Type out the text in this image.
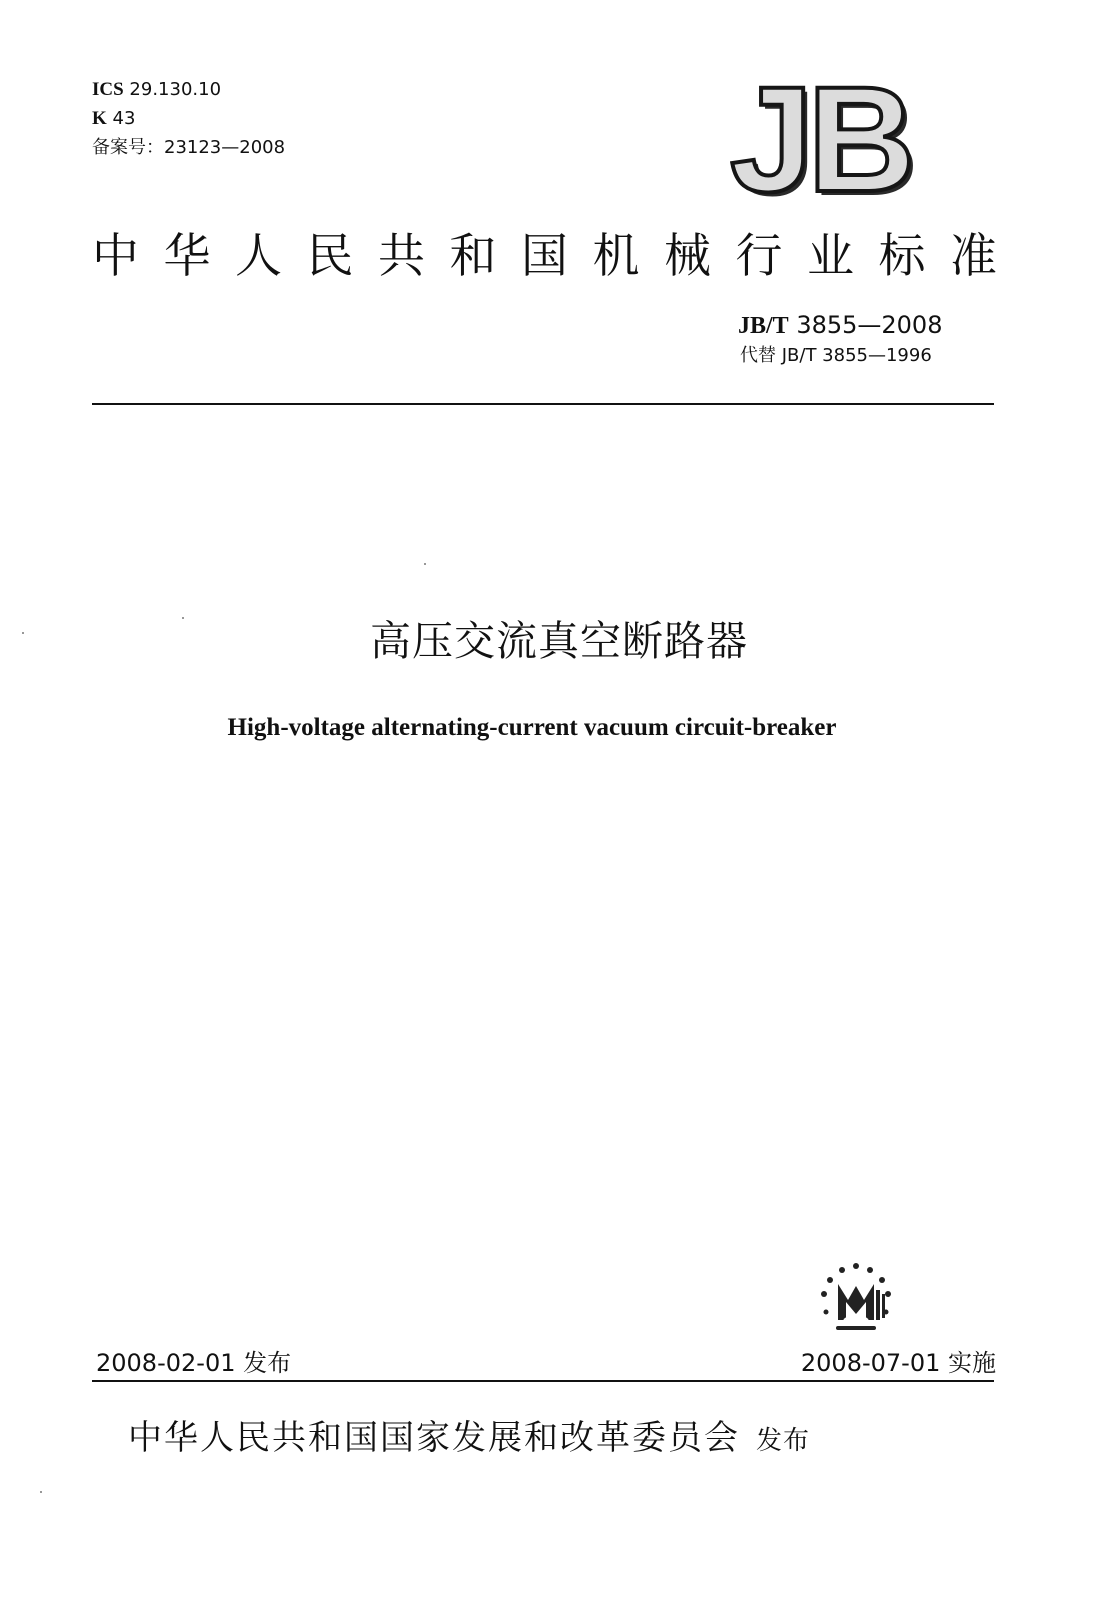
ICS 29.130.10
K 43
备案号：23123—2008	JB
中 华 人 民 共 和 国 机 械 行 业 标 准
JB/T 3855—2008
代替 JB/T 3855—1996
高压交流真空断路器
High-voltage alternating-current vacuum circuit-breaker
2008-02-01 发布	2008-07-01 实施
中华人民共和国国家发展和改革委员会 发布
